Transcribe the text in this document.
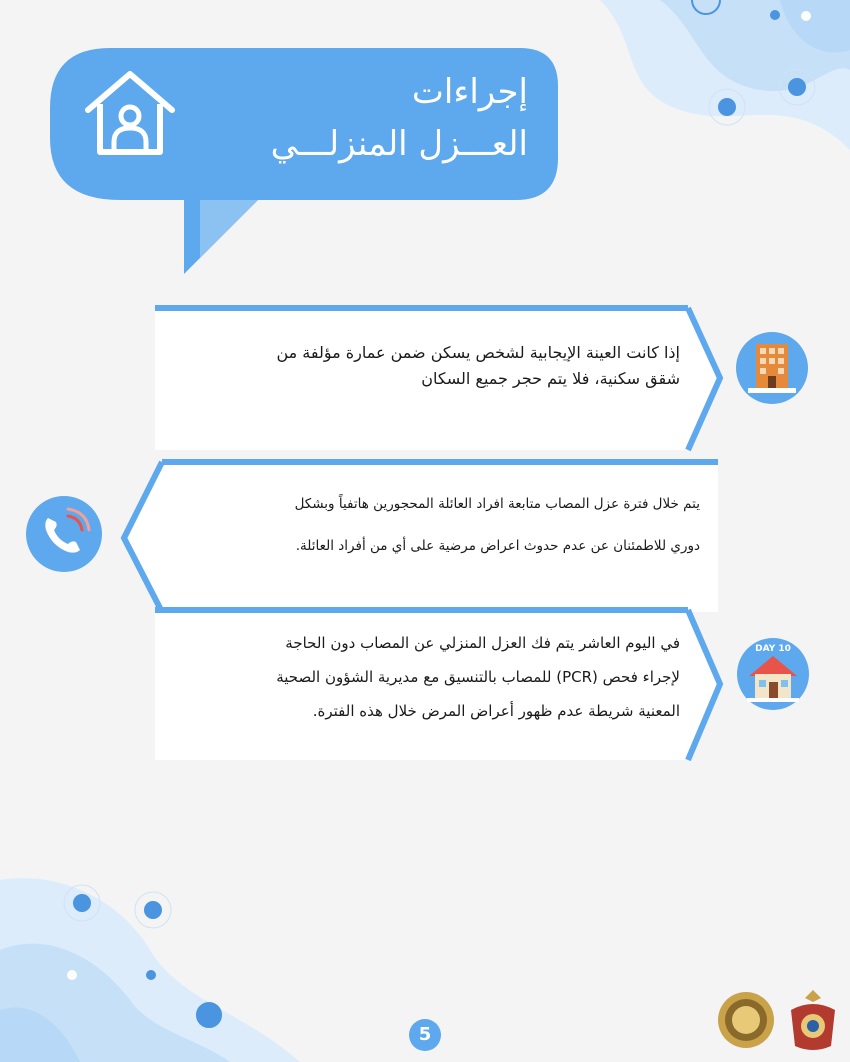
إجراءات
العـــزل المنزلـــي
إذا كانت العينة الإيجابية لشخص يسكن ضمن عمارة مؤلفة من
شقق سكنية، فلا يتم حجر جميع السكان
يتم خلال فترة عزل المصاب متابعة افراد العائلة المحجورين هاتفياً وبشكل
دوري للاطمئنان عن عدم حدوث اعراض مرضية على أي من أفراد العائلة.
في اليوم العاشر يتم فك العزل المنزلي عن المصاب دون الحاجة
لإجراء فحص (PCR) للمصاب بالتنسيق مع مديرية الشؤون الصحية
المعنية شريطة عدم ظهور أعراض المرض خلال هذه الفترة.
DAY 10
5
